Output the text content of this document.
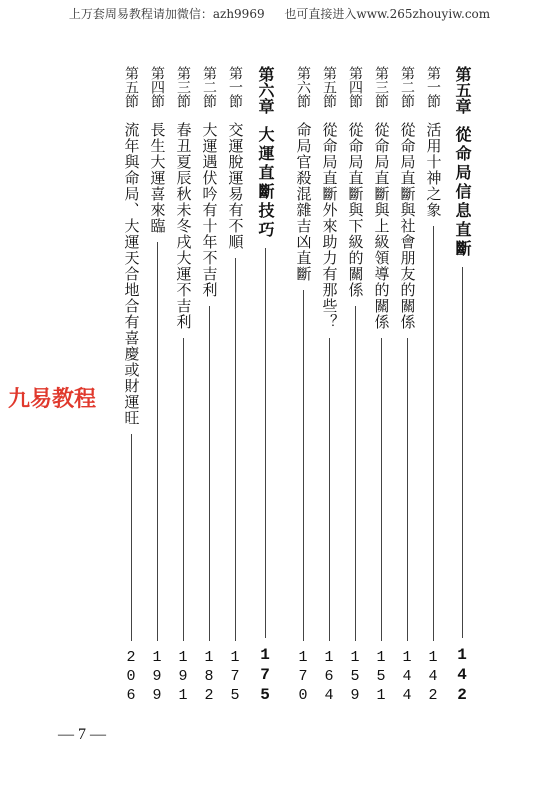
上万套周易教程请加微信：azh9969 也可直接进入www.265zhouyiw.com
第五章
從命局信息直斷
142
第一節
活用十神之象
142
第二節
從命局直斷與社會朋友的關係
144
第三節
從命局直斷與上級領導的關係
151
第四節
從命局直斷與下級的關係
159
第五節
從命局直斷外來助力有那些？
164
第六節
命局官殺混雜吉凶直斷
170
第六章
大運直斷技巧
175
第一節
交運脫運易有不順
175
第二節
大運遇伏吟有十年不吉利
182
第三節
春丑夏辰秋未冬戌大運不吉利
191
第四節
長生大運喜來臨
199
第五節
流年與命局、大運天合地合有喜慶或財運旺
206
九易教程
— 7 —
